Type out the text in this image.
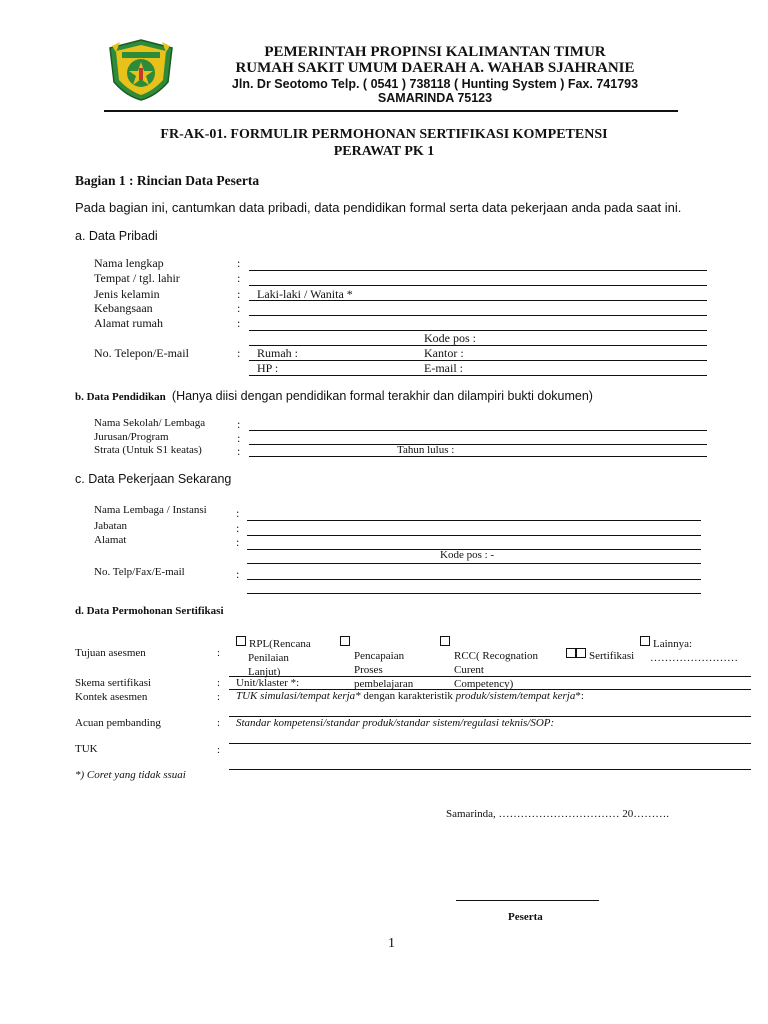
PEMERINTAH PROPINSI KALIMANTAN TIMUR
RUMAH SAKIT UMUM DAERAH A. WAHAB SJAHRANIE
Jln. Dr Seotomo Telp. ( 0541 ) 738118 ( Hunting System ) Fax. 741793
SAMARINDA 75123
FR-AK-01. FORMULIR PERMOHONAN SERTIFIKASI KOMPETENSI
PERAWAT PK 1
Bagian 1 : Rincian Data Peserta
Pada bagian ini, cantumkan data pribadi, data pendidikan formal serta data pekerjaan anda pada saat ini.
a. Data Pribadi
Nama lengkap	:
Tempat / tgl. lahir	:
Jenis kelamin	: Laki-laki / Wanita *
Kebangsaan	:
Alamat rumah	:
Kode pos :
No. Telepon/E-mail	: Rumah :	Kantor :
HP :	E-mail :
b. Data Pendidikan (Hanya diisi dengan pendidikan formal terakhir dan dilampiri bukti dokumen)
Nama Sekolah/ Lembaga	:
Jurusan/Program	:
Strata (Untuk S1 keatas)	:	Tahun lulus :
c. Data Pekerjaan Sekarang
Nama Lembaga / Instansi :
Jabatan	:
Alamat	:
Kode pos : -
No. Telp/Fax/E-mail	:
d. Data Permohonan Sertifikasi
Tujuan asesmen	:
RPL(Rencana
Penilaian
Lanjut)
Pencapaian
Proses
pembelajaran
RCC( Recognation
Curent
Competency)
Sertifikasi
Lainnya:
……………………
Skema sertifikasi	: Unit/klaster *:
Kontek asesmen	: TUK simulasi/tempat kerja* dengan karakteristik produk/sistem/tempat kerja*:
Acuan pembanding	: Standar kompetensi/standar produk/standar sistem/regulasi teknis/SOP:
TUK	:
*) Coret yang tidak ssuai
Samarinda, …………………………… 20……….
Peserta
1
